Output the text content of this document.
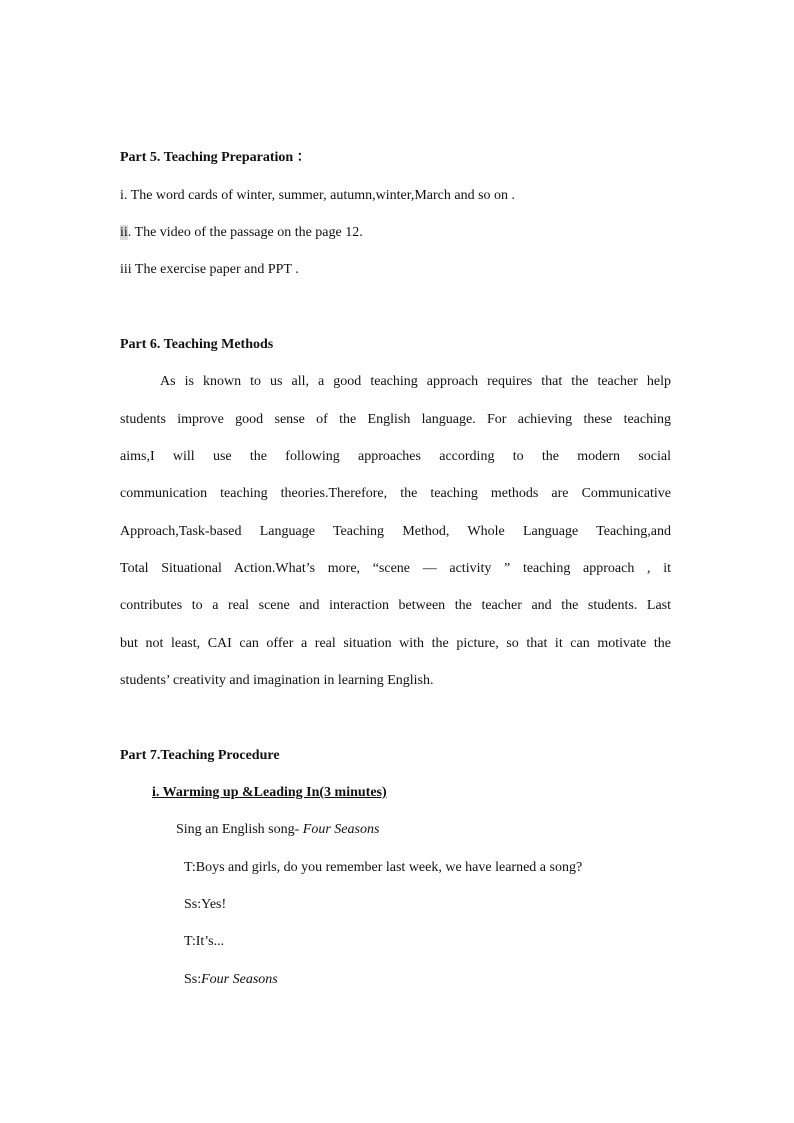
Part 5. Teaching Preparation ：
i. The word cards of winter, summer, autumn,winter,March and so on .
ii. The video of the passage on the page 12.
iii The exercise paper and PPT .
Part 6. Teaching Methods
As is known to us all, a good teaching approach requires that the teacher help
students improve good sense of the English language. For achieving these teaching
aims,I will use the following approaches according to the modern social
communication teaching theories.Therefore, the teaching methods are Communicative
Approach,Task-based Language Teaching Method, Whole Language Teaching,and
Total Situational Action.What’s more, “scene — activity ” teaching approach , it
contributes to a real scene and interaction between the teacher and the students. Last
but not least, CAI can offer a real situation with the picture, so that it can motivate the
students’ creativity and imagination in learning English.
Part 7.Teaching Procedure
i. Warming up &Leading In(3 minutes)
Sing an English song- Four Seasons
T:Boys and girls, do you remember last week, we have learned a song?
Ss:Yes!
T:It’s...
Ss:Four Seasons
